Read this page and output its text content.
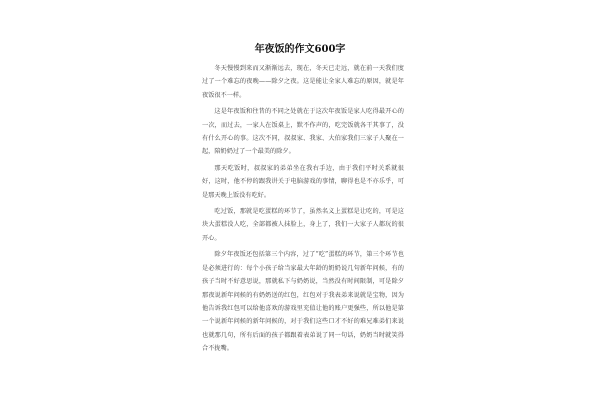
年夜饭的作文600字

冬天慢慢到来而又渐渐远去，现在，冬天已走远，就在前一天我们度过了一个难忘的夜晚——除夕之夜。这是能让全家人难忘的原因，就是年夜饭很不一样。

这是年夜饭和往昔的不同之处就在于这次年夜饭是家人吃得最开心的一次，而过去，一家人在饭桌上，默不作声的，吃完饭就各干其事了，没有什么开心的事。这次不同，叔叔家、我家、大伯家我们三家子人聚在一起，陪奶奶过了一个最美的除夕。

那天吃饭时，叔叔家的弟弟坐在我右手边，由于我们平时关系就很好，这时，他不停的跟我讲关于电脑游戏的事情，聊得也是不亦乐乎，可是那天晚上饭没有吃好。

吃过饭，那就是吃蛋糕的环节了，虽然名义上蛋糕是让吃的，可是这块大蛋糕没人吃，全部都被人抹脸上，身上了，我们一大家子人都玩的很开心。

除夕年夜饭还包括第三个内容，过了“吃”蛋糕的环节，第三个环节也是必须进行的：每个小孩子给当家最大年龄的奶奶说几句新年问候，有的孩子当时不好意思说，那就私下与奶奶说，当然没有时间限制，可是除夕那夜说新年问候的有奶奶送的红包，红包对于我表弟来说就是宝物，因为他告诉我红包可以给他喜欢的游戏里充值让他的账户更强些，所以他是第一个说新年问候的新年问候的，对于我们这些口才不好的难兄难弟们来说也就那几句，所有后面的孩子都跟着表弟说了同一句话，奶奶当时就笑得合不拢嘴。
